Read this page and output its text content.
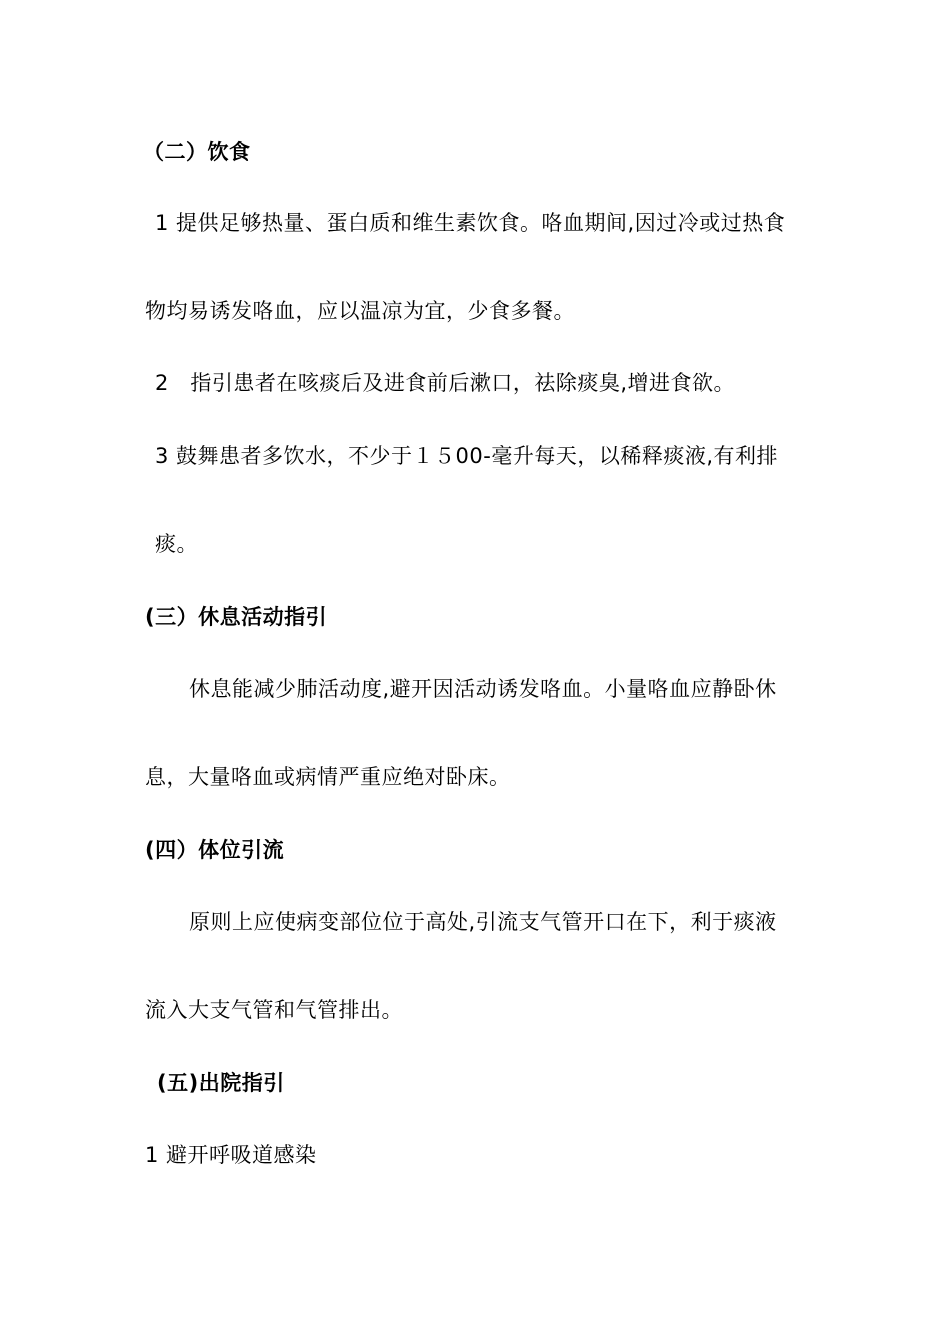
（二）饮食
1 提供足够热量、蛋白质和维生素饮食。咯血期间,因过冷或过热食
物均易诱发咯血，应以温凉为宜，少食多餐。
2　指引患者在咳痰后及进食前后漱口，祛除痰臭,增进食欲。
3 鼓舞患者多饮水，不少于１５00-毫升每天，以稀释痰液,有利排
痰。
(三）休息活动指引
休息能减少肺活动度,避开因活动诱发咯血。小量咯血应静卧休
息，大量咯血或病情严重应绝对卧床。
(四）体位引流
原则上应使病变部位位于高处,引流支气管开口在下，利于痰液
流入大支气管和气管排出。
(五)出院指引
1 避开呼吸道感染
